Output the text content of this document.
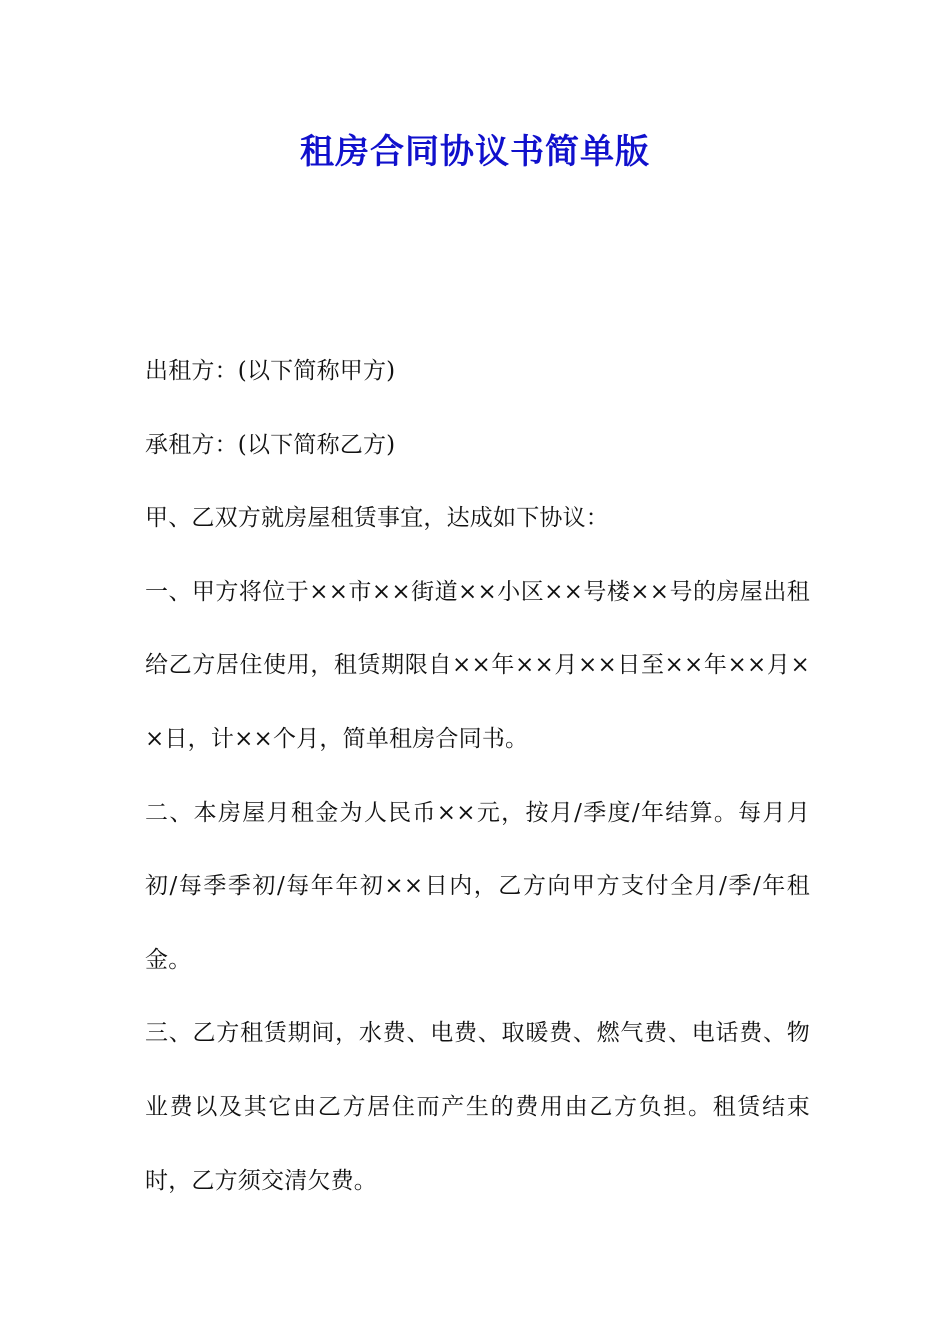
租房合同协议书简单版

出租方：(以下简称甲方)

承租方：(以下简称乙方)

甲、乙双方就房屋租赁事宜，达成如下协议：

一、甲方将位于××市××街道××小区××号楼××号的房屋出租给乙方居住使用，租赁期限自××年××月××日至××年××月××日，计××个月，简单租房合同书。

二、本房屋月租金为人民币××元，按月/季度/年结算。每月月初/每季季初/每年年初××日内，乙方向甲方支付全月/季/年租金。

三、乙方租赁期间，水费、电费、取暖费、燃气费、电话费、物业费以及其它由乙方居住而产生的费用由乙方负担。租赁结束时，乙方须交清欠费。
